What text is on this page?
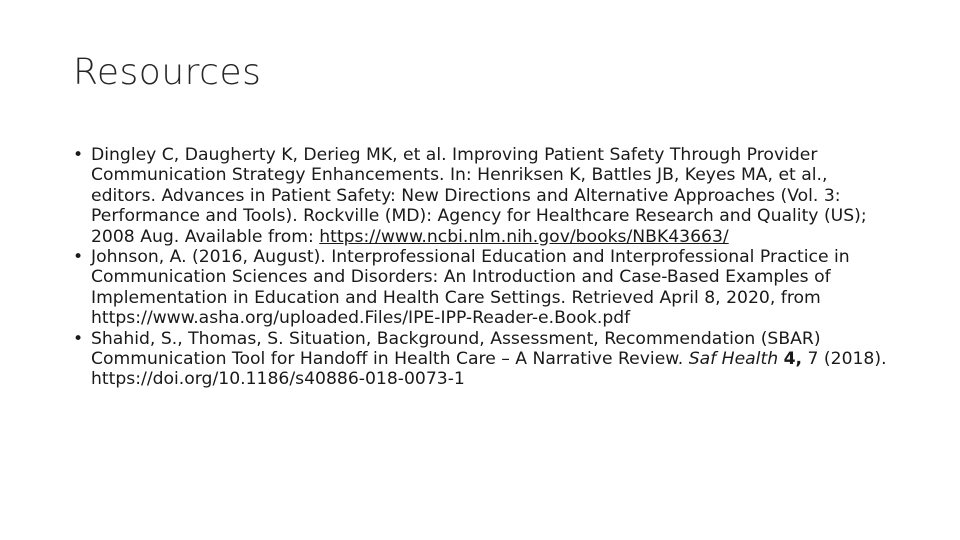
Resources
• Dingley C, Daugherty K, Derieg MK, et al. Improving Patient Safety Through Provider Communication Strategy Enhancements. In: Henriksen K, Battles JB, Keyes MA, et al., editors. Advances in Patient Safety: New Directions and Alternative Approaches (Vol. 3: Performance and Tools). Rockville (MD): Agency for Healthcare Research and Quality (US); 2008 Aug. Available from: https://www.ncbi.nlm.nih.gov/books/NBK43663/
• Johnson, A. (2016, August). Interprofessional Education and Interprofessional Practice in Communication Sciences and Disorders: An Introduction and Case-Based Examples of Implementation in Education and Health Care Settings. Retrieved April 8, 2020, from https://www.asha.org/uploaded.Files/IPE-IPP-Reader-e.Book.pdf
• Shahid, S., Thomas, S. Situation, Background, Assessment, Recommendation (SBAR) Communication Tool for Handoff in Health Care – A Narrative Review. Saf Health 4, 7 (2018). https://doi.org/10.1186/s40886-018-0073-1
